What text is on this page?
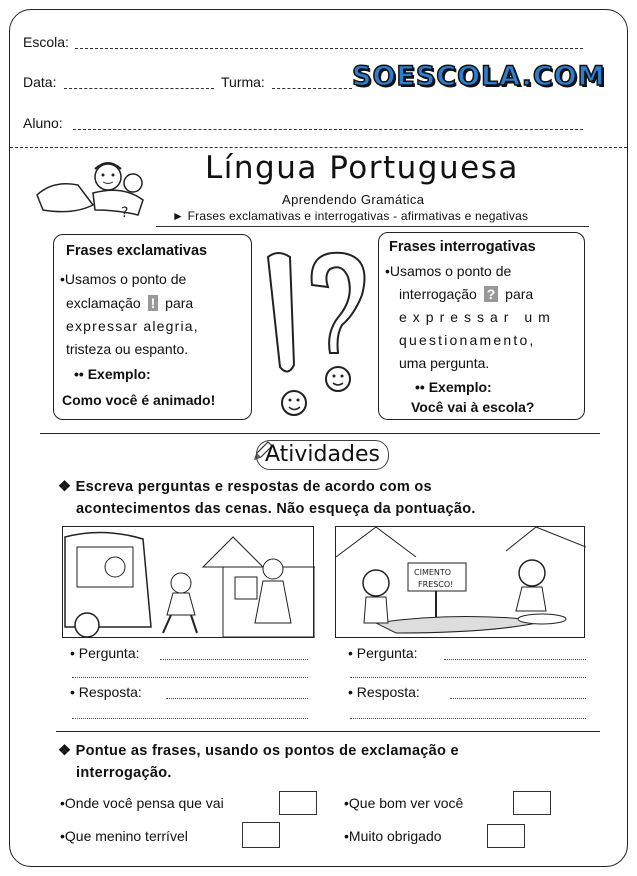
Escola:
Data:	Turma:	SOESCOLA.COM
Aluno:
?
Língua Portuguesa
Aprendendo Gramática
► Frases exclamativas e interrogativas - afirmativas e negativas
Frases exclamativas
•Usamos o ponto de
exclamação ! para
expressar alegria,
tristeza ou espanto.
•• Exemplo:
Como você é animado!
Frases interrogativas
•Usamos o ponto de
interrogação ? para
expressar um
questionamento,
uma pergunta.
•• Exemplo:
Você vai à escola?
Atividades
❖ Escreva perguntas e respostas de acordo com os
acontecimentos das cenas. Não esqueça da pontuação.
CIMENTO
FRESCO!
• Pergunta:
• Resposta:
• Pergunta:
• Resposta:
❖ Pontue as frases, usando os pontos de exclamação e
interrogação.
•Onde você pensa que vai	•Que bom ver você
•Que menino terrível	•Muito obrigado
